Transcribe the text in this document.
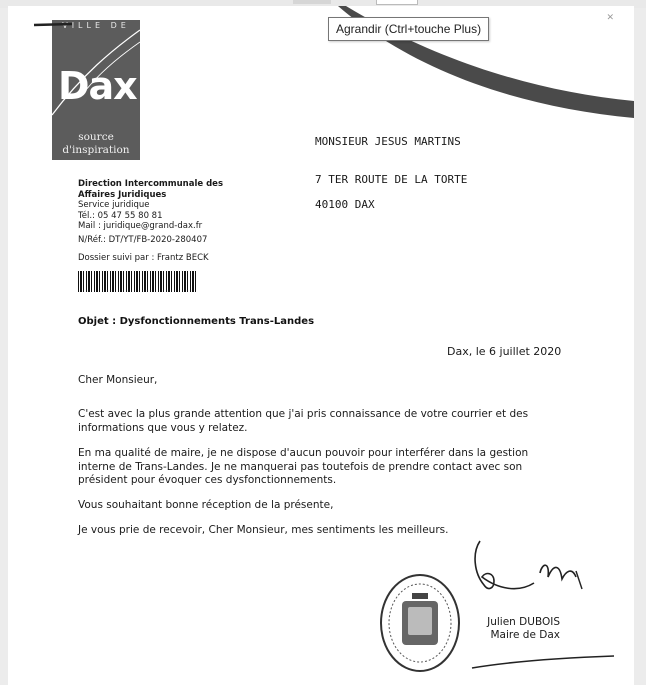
✕
VILLE DE
Dax
source
d'inspiration
Agrandir (Ctrl+touche Plus)
MONSIEUR JESUS MARTINS
7 TER ROUTE DE LA TORTE
40100 DAX
Direction Intercommunale des
Affaires Juridiques
Service juridique
Tél.: 05 47 55 80 81
Mail : juridique@grand-dax.fr
N/Réf.: DT/YT/FB-2020-280407
Dossier suivi par : Frantz BECK
Objet : Dysfonctionnements Trans-Landes
Dax, le 6 juillet 2020
Cher Monsieur,
C'est avec la plus grande attention que j'ai pris connaissance de votre courrier et des
informations que vous y relatez.
En ma qualité de maire, je ne dispose d'aucun pouvoir pour interférer dans la gestion
interne de Trans-Landes. Je ne manquerai pas toutefois de prendre contact avec son
président pour évoquer ces dysfonctionnements.
Vous souhaitant bonne réception de la présente,
Je vous prie de recevoir, Cher Monsieur, mes sentiments les meilleurs.
Julien DUBOIS
Maire de Dax
